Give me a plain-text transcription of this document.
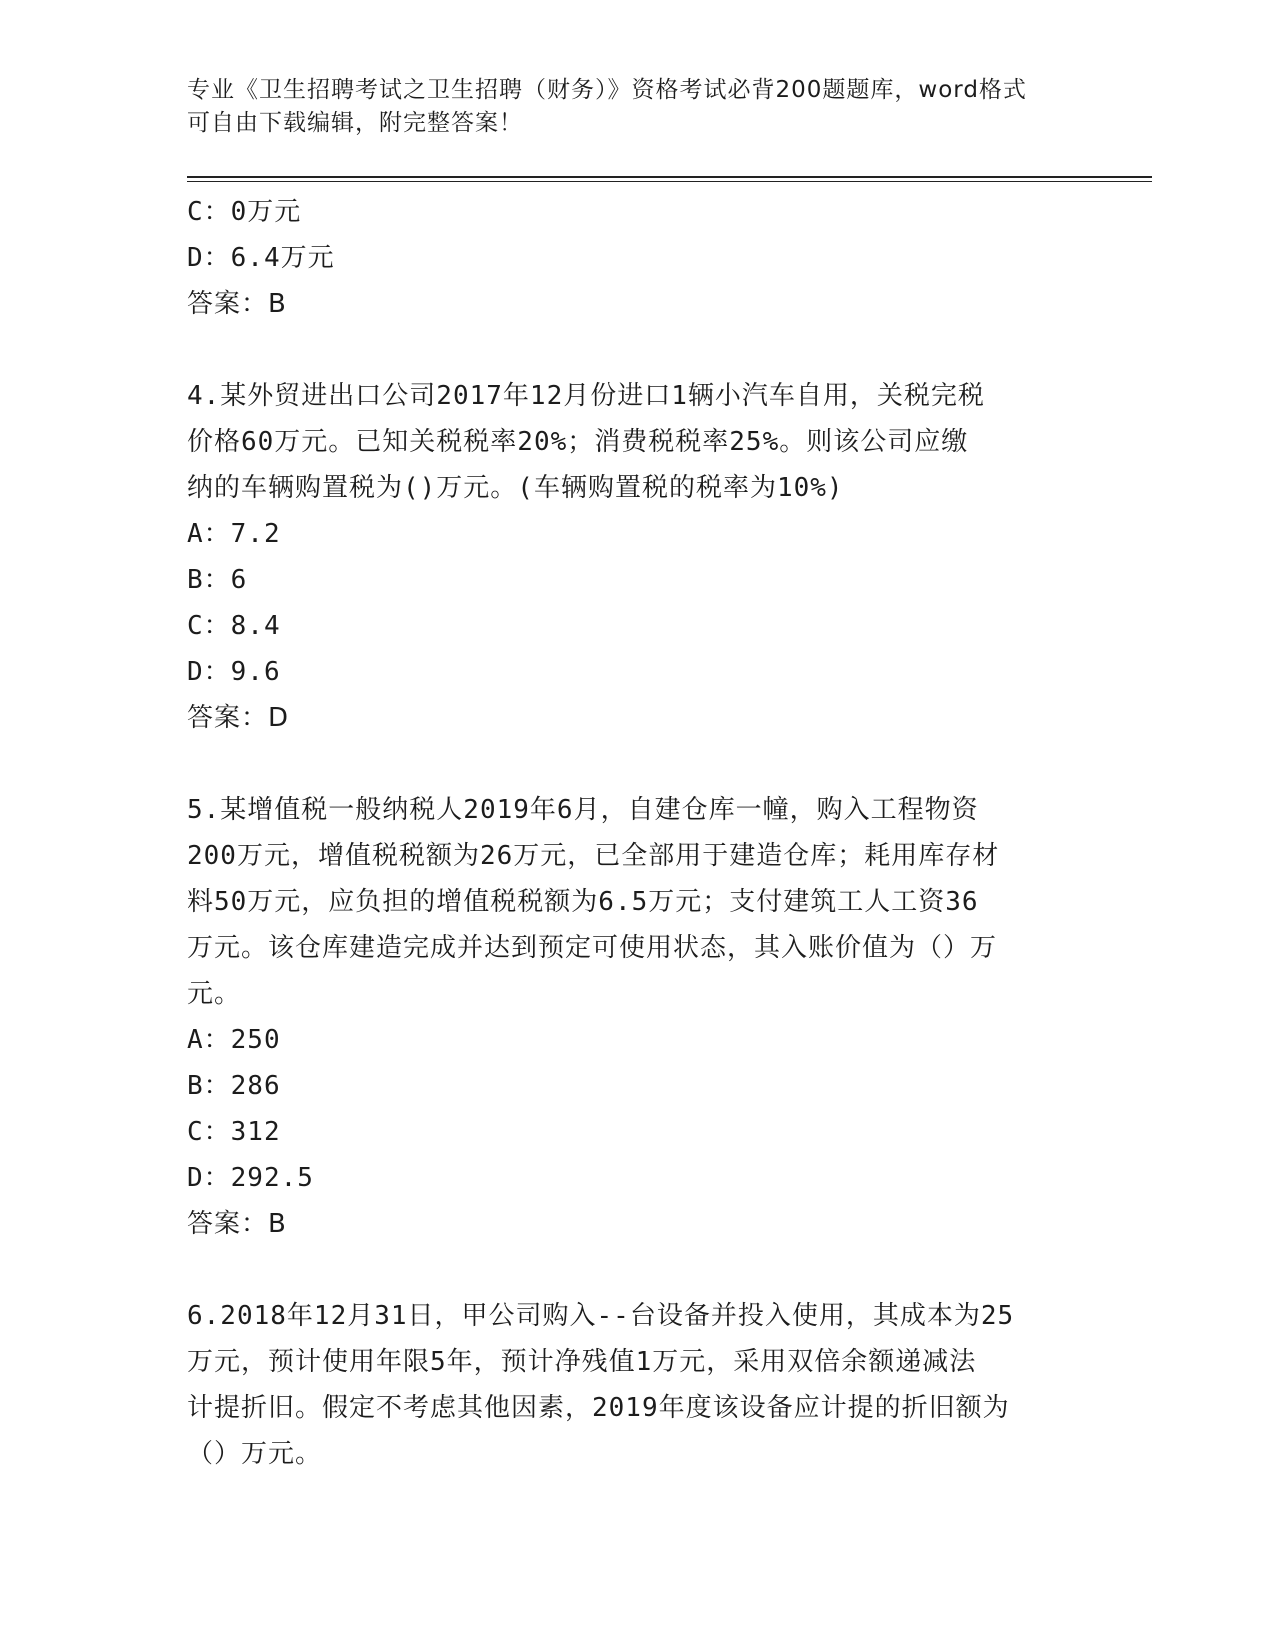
专业《卫生招聘考试之卫生招聘（财务）》资格考试必背200题题库，word格式
可自由下载编辑，附完整答案！
C：0万元
D：6.4万元
答案：B
4.某外贸进出口公司2017年12月份进口1辆小汽车自用，关税完税
价格60万元。已知关税税率20%；消费税税率25%。则该公司应缴
纳的车辆购置税为()万元。(车辆购置税的税率为10%)
A：7.2
B：6
C：8.4
D：9.6
答案：D
5.某增值税一般纳税人2019年6月，自建仓库一幢，购入工程物资
200万元，增值税税额为26万元，已全部用于建造仓库；耗用库存材
料50万元，应负担的增值税税额为6.5万元；支付建筑工人工资36
万元。该仓库建造完成并达到预定可使用状态，其入账价值为（）万
元。
A：250
B：286
C：312
D：292.5
答案：B
6.2018年12月31日，甲公司购入--台设备并投入使用，其成本为25
万元，预计使用年限5年，预计净残值1万元，采用双倍余额递减法
计提折旧。假定不考虑其他因素，2019年度该设备应计提的折旧额为
（）万元。
